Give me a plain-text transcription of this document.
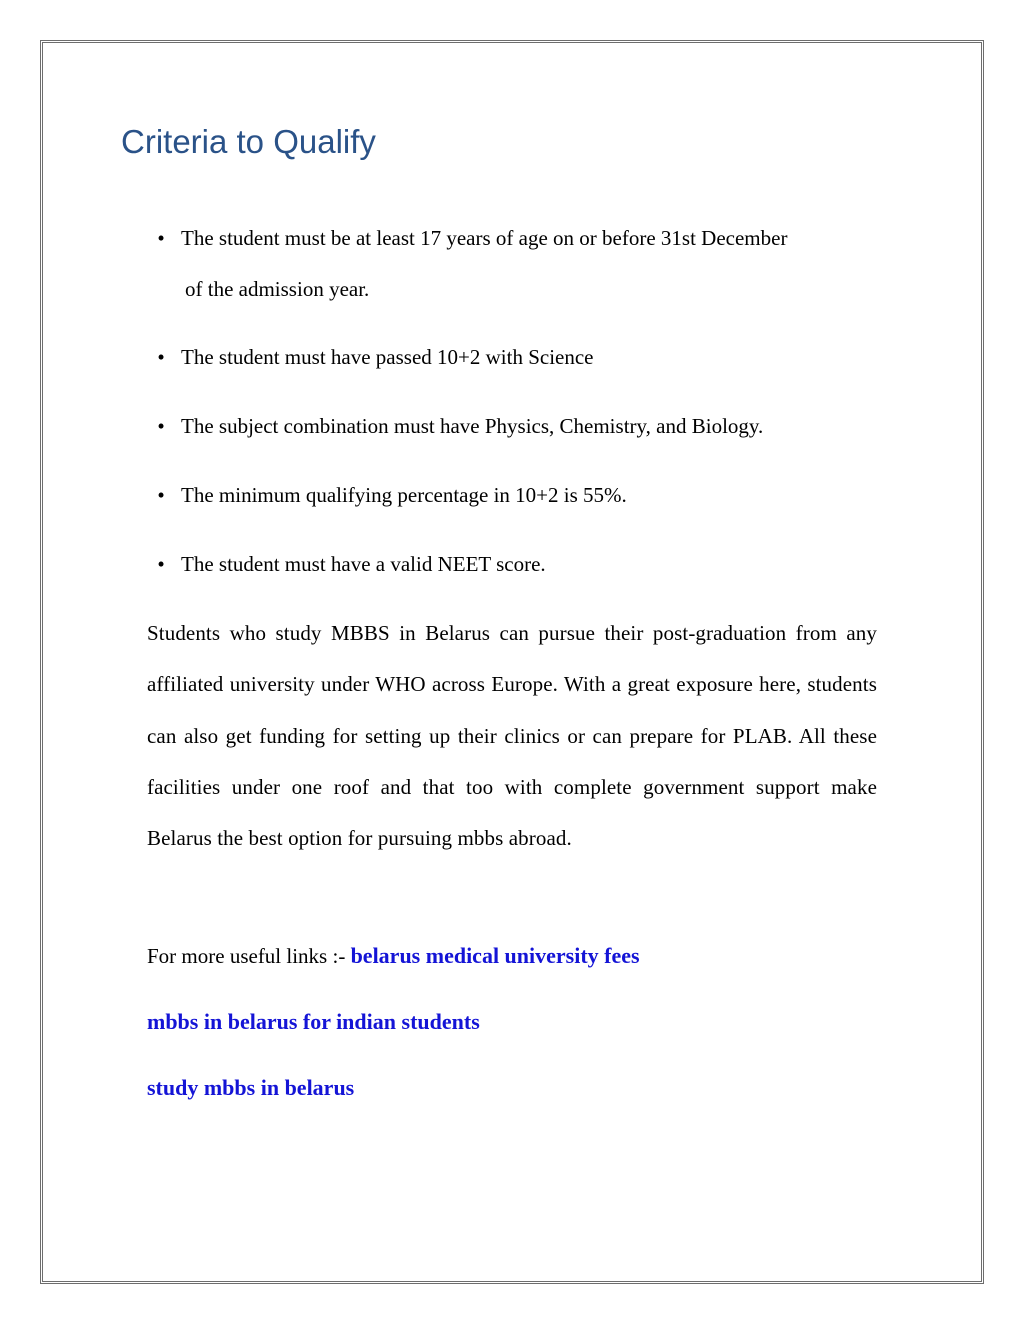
Criteria to Qualify
• The student must be at least 17 years of age on or before 31st December
of the admission year.
• The student must have passed 10+2 with Science
• The subject combination must have Physics, Chemistry, and Biology.
• The minimum qualifying percentage in 10+2 is 55%.
• The student must have a valid NEET score.

Students who study MBBS in Belarus can pursue their post-graduation from any affiliated university under WHO across Europe. With a great exposure here, students can also get funding for setting up their clinics or can prepare for PLAB. All these facilities under one roof and that too with complete government support make Belarus the best option for pursuing mbbs abroad.

For more useful links :- belarus medical university fees

mbbs in belarus for indian students

study mbbs in belarus
